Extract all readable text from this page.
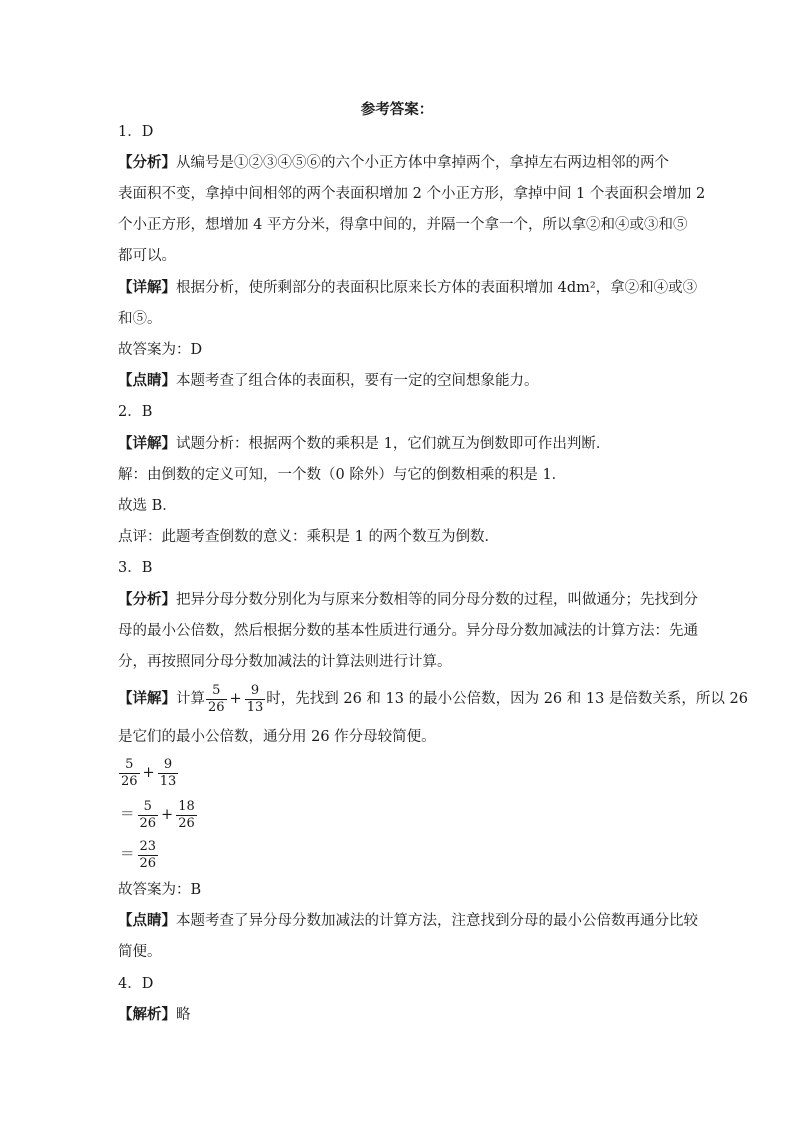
参考答案：
1．D
【分析】从编号是①②③④⑤⑥的六个小正方体中拿掉两个，拿掉左右两边相邻的两个
表面积不变，拿掉中间相邻的两个表面积增加 2 个小正方形，拿掉中间 1 个表面积会增加 2
个小正方形，想增加 4 平方分米，得拿中间的，并隔一个拿一个，所以拿②和④或③和⑤
都可以。
【详解】根据分析，使所剩部分的表面积比原来长方体的表面积增加 4dm²，拿②和④或③
和⑤。
故答案为：D
【点睛】本题考查了组合体的表面积，要有一定的空间想象能力。
2．B
【详解】试题分析：根据两个数的乘积是 1，它们就互为倒数即可作出判断．
解：由倒数的定义可知，一个数（0 除外）与它的倒数相乘的积是 1．
故选 B．
点评：此题考查倒数的意义：乘积是 1 的两个数互为倒数．
3．B
【分析】把异分母分数分别化为与原来分数相等的同分母分数的过程，叫做通分；先找到分
母的最小公倍数，然后根据分数的基本性质进行通分。异分母分数加减法的计算方法：先通
分，再按照同分母分数加减法的计算法则进行计算。
【详解】计算 $\frac{5}{26} + \frac{9}{13}$ 时，先找到 26 和 13 的最小公倍数，因为 26 和 13 是倍数关系，所以 26
是它们的最小公倍数，通分用 26 作分母较简便。
$\frac{5}{26} + \frac{9}{13}$
＝ $\frac{5}{26} + \frac{18}{26}$
＝ $\frac{23}{26}$
故答案为：B
【点睛】本题考查了异分母分数加减法的计算方法，注意找到分母的最小公倍数再通分比较
简便。
4．D
【解析】略
